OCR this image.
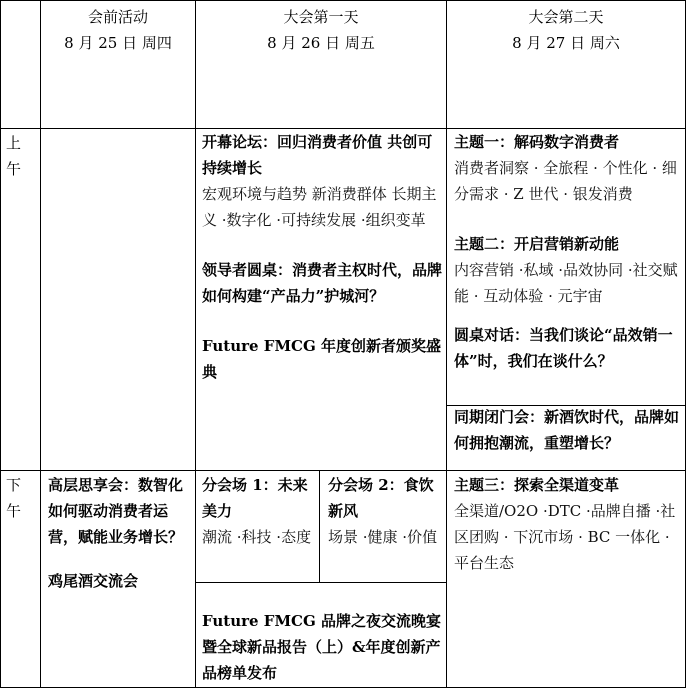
会前活动
8 月 25 日 周四
大会第一天
8 月 26 日 周五
大会第二天
8 月 27 日 周六
上午
下午
开幕论坛：回归消费者价值 共创可持续增长
宏观环境与趋势 新消费群体 长期主义 ·数字化 ·可持续发展 ·组织变革
领导者圆桌：消费者主权时代，品牌如何构建“产品力”护城河？
Future FMCG 年度创新者颁奖盛典
主题一：解码数字消费者
消费者洞察 · 全旅程 · 个性化 · 细分需求 · Z 世代 · 银发消费
主题二：开启营销新动能
内容营销 ·私域 ·品效协同 ·社交赋能 · 互动体验 · 元宇宙
圆桌对话：当我们谈论“品效销一体”时，我们在谈什么？
同期闭门会：新酒饮时代，品牌如何拥抱潮流，重塑增长？
高层思享会：数智化如何驱动消费者运营，赋能业务增长？
鸡尾酒交流会
分会场 1：未来美力
潮流 ·科技 ·态度
分会场 2：食饮新风
场景 ·健康 ·价值
Future FMCG 品牌之夜交流晚宴暨全球新品报告（上）&年度创新产品榜单发布
主题三：探索全渠道变革
全渠道/O2O ·DTC ·品牌自播 ·社区团购 · 下沉市场 · BC 一体化 · 平台生态
